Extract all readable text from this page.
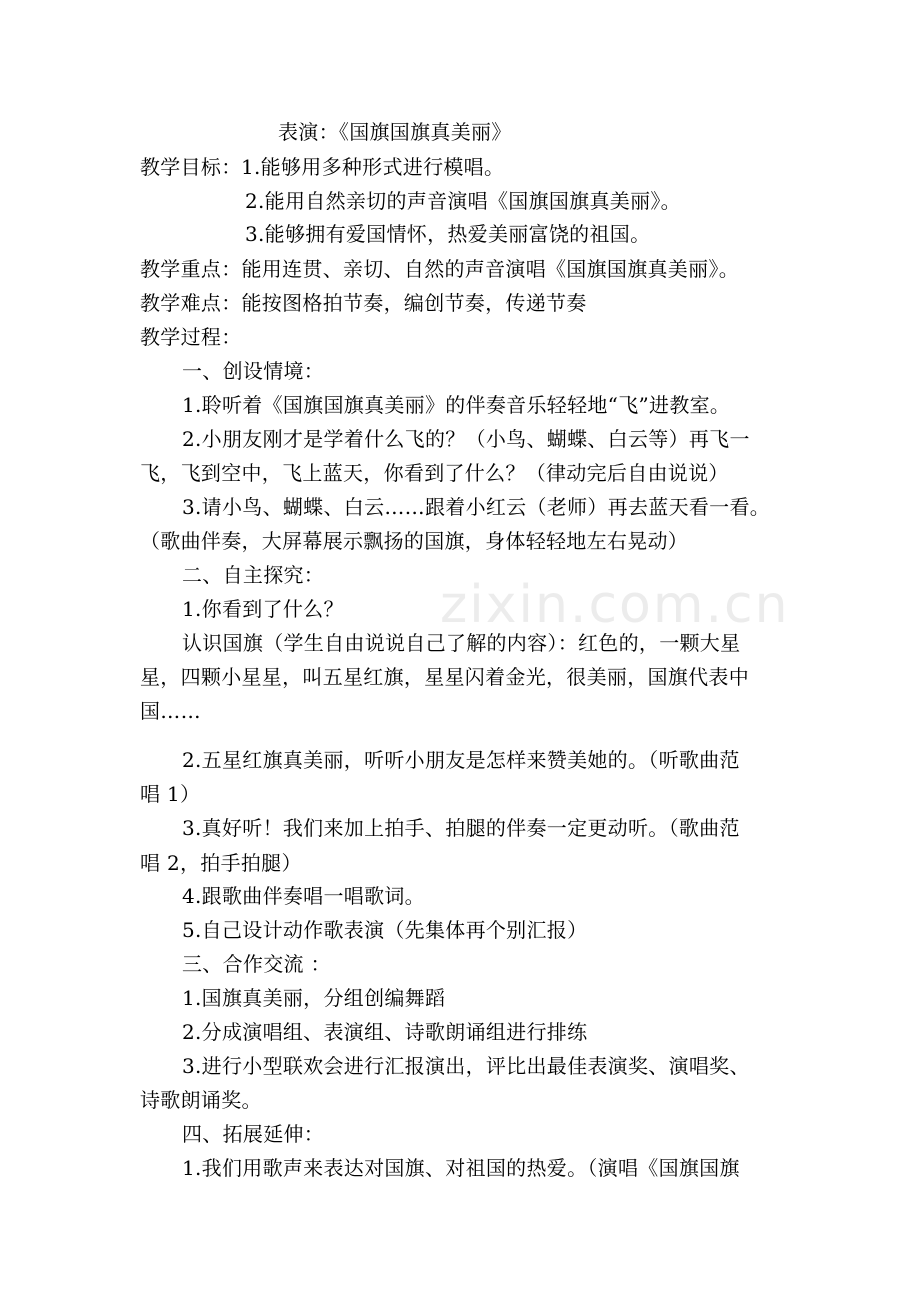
zixin.com.cn
表演：《国旗国旗真美丽》
教学目标： 1.能够用多种形式进行模唱。
2.能用自然亲切的声音演唱《国旗国旗真美丽》。
3.能够拥有爱国情怀，热爱美丽富饶的祖国。
教学重点：能用连贯、亲切、自然的声音演唱《国旗国旗真美丽》。
教学难点：能按图格拍节奏，编创节奏，传递节奏
教学过程：
一、创设情境：
1.聆听着《国旗国旗真美丽》的伴奏音乐轻轻地“飞”进教室。
2.小朋友刚才是学着什么飞的？（小鸟、蝴蝶、白云等）再飞一
飞，飞到空中，飞上蓝天，你看到了什么？（律动完后自由说说）
3.请小鸟、蝴蝶、白云……跟着小红云（老师）再去蓝天看一看。
（歌曲伴奏，大屏幕展示飘扬的国旗，身体轻轻地左右晃动）
二、自主探究：
1.你看到了什么？
认识国旗（学生自由说说自己了解的内容）：红色的，一颗大星
星，四颗小星星，叫五星红旗，星星闪着金光，很美丽，国旗代表中
国……
2.五星红旗真美丽，听听小朋友是怎样来赞美她的。（听歌曲范
唱 1）
3.真好听！我们来加上拍手、拍腿的伴奏一定更动听。（歌曲范
唱 2，拍手拍腿）
4.跟歌曲伴奏唱一唱歌词。
5.自己设计动作歌表演（先集体再个别汇报）
三、合作交流 ：
1.国旗真美丽，分组创编舞蹈
2.分成演唱组、表演组、诗歌朗诵组进行排练
3.进行小型联欢会进行汇报演出，评比出最佳表演奖、演唱奖、
诗歌朗诵奖。
四、拓展延伸：
1.我们用歌声来表达对国旗、对祖国的热爱。（演唱《国旗国旗
